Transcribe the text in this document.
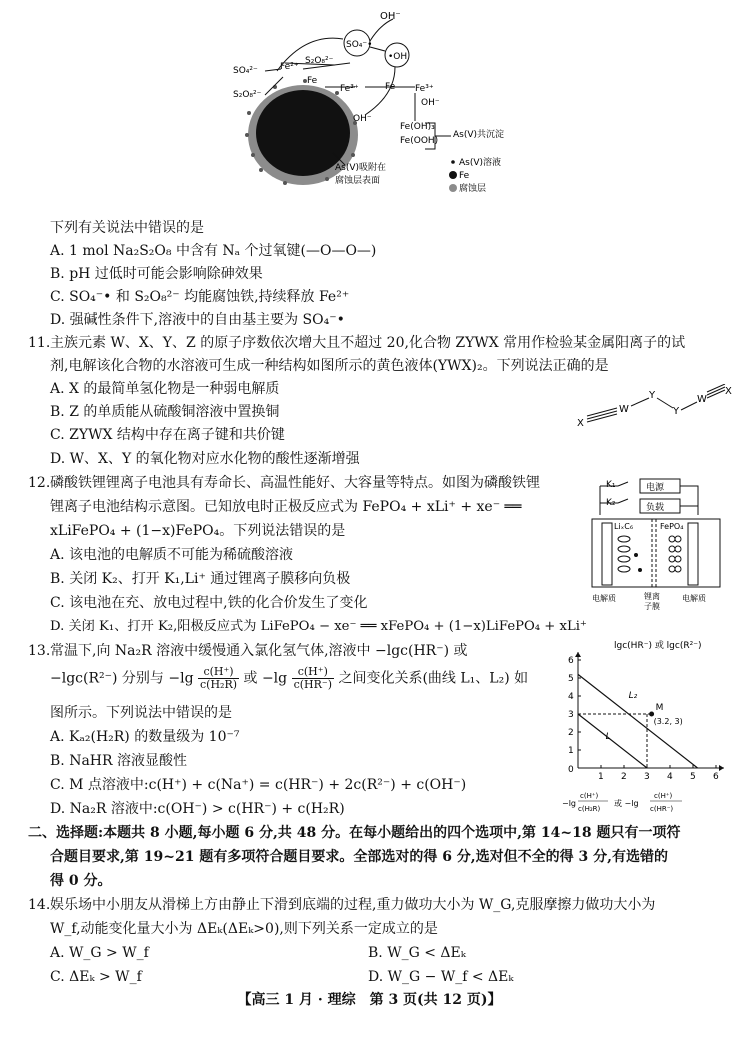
OH⁻
SO₄⁻•
•OH
S₂O₈²⁻
Fe²⁺
Fe
SO₄²⁻
S₂O₈²⁻
Fe³⁺	Fe Fe³⁺
OH⁻
OH⁻
Fe(OH)₃
Fe(OOH)
As(V)共沉淀
As(V)吸附在
腐蚀层表面
As(V)溶液
Fe
腐蚀层
下列有关说法中错误的是
A. 1 mol Na₂S₂O₈ 中含有 Nₐ 个过氧键(—O—O—)
B. pH 过低时可能会影响除砷效果
C. SO₄⁻• 和 S₂O₈²⁻ 均能腐蚀铁,持续释放 Fe²⁺
D. 强碱性条件下,溶液中的自由基主要为 SO₄⁻•
11. 主族元素 W、X、Y、Z 的原子序数依次增大且不超过 20,化合物 ZYWX 常用作检验某金属阳离子的试
剂,电解该化合物的水溶液可生成一种结构如图所示的黄色液体(YWX)₂。下列说法正确的是
A. X 的最简单氢化物是一种弱电解质
B. Z 的单质能从硫酸铜溶液中置换铜
C. ZYWX 结构中存在离子键和共价键
D. W、X、Y 的氧化物对应水化物的酸性逐渐增强
X
W
Y
Y
W
X
12. 磷酸铁锂锂离子电池具有寿命长、高温性能好、大容量等特点。如图为磷酸铁锂
锂离子电池结构示意图。已知放电时正极反应式为 FePO₄ + xLi⁺ + xe⁻ ══
xLiFePO₄ + (1−x)FePO₄。下列说法错误的是
A. 该电池的电解质不可能为稀硫酸溶液
B. 关闭 K₂、打开 K₁,Li⁺ 通过锂离子膜移向负极
C. 该电池在充、放电过程中,铁的化合价发生了变化
D. 关闭 K₁、打开 K₂,阳极反应式为 LiFePO₄ − xe⁻ ══ xFePO₄ + (1−x)LiFePO₄ + xLi⁺
K₁
K₂
电源
负载
LiₓC₆	FePO₄
电解质	锂离
子膜
电解质
13. 常温下,向 Na₂R 溶液中缓慢通入氯化氢气体,溶液中 −lgc(HR⁻) 或
−lgc(R²⁻) 分别与 $-\lg \frac{c(H^+)}{\text{c(H₂R)}}$ 或 $-\lg \frac{c(H^+)}{c(HR^-)}$ 之间变化关系(曲线 L₁、L₂) 如
图所示。下列说法中错误的是
A. Kₐ₂(H₂R) 的数量级为 10⁻⁷
B. NaHR 溶液显酸性
C. M 点溶液中:c(H⁺) + c(Na⁺) = c(HR⁻) + 2c(R²⁻) + c(OH⁻)
D. Na₂R 溶液中:c(OH⁻) > c(HR⁻) + c(H₂R)
lgc(HR⁻) 或 lgc(R²⁻)
0
1 2 3 4 5 6
1
2
3
4
5
6
L
L₂
M
(3.2, 3)
−lg
c(H⁺)
c(H₂R)
或 −lg
c(H⁺)
c(HR⁻)
二、选择题:本题共 8 小题,每小题 6 分,共 48 分。在每小题给出的四个选项中,第 14~18 题只有一项符
合题目要求,第 19~21 题有多项符合题目要求。全部选对的得 6 分,选对但不全的得 3 分,有选错的
得 0 分。
14. 娱乐场中小朋友从滑梯上方由静止下滑到底端的过程,重力做功大小为 W_G,克服摩擦力做功大小为
W_f,动能变化量大小为 ΔEₖ(ΔEₖ>0),则下列关系一定成立的是
A. W_G > W_f	B. W_G < ΔEₖ
C. ΔEₖ > W_f	D. W_G − W_f < ΔEₖ
【高三 1 月 · 理综　第 3 页(共 12 页)】
